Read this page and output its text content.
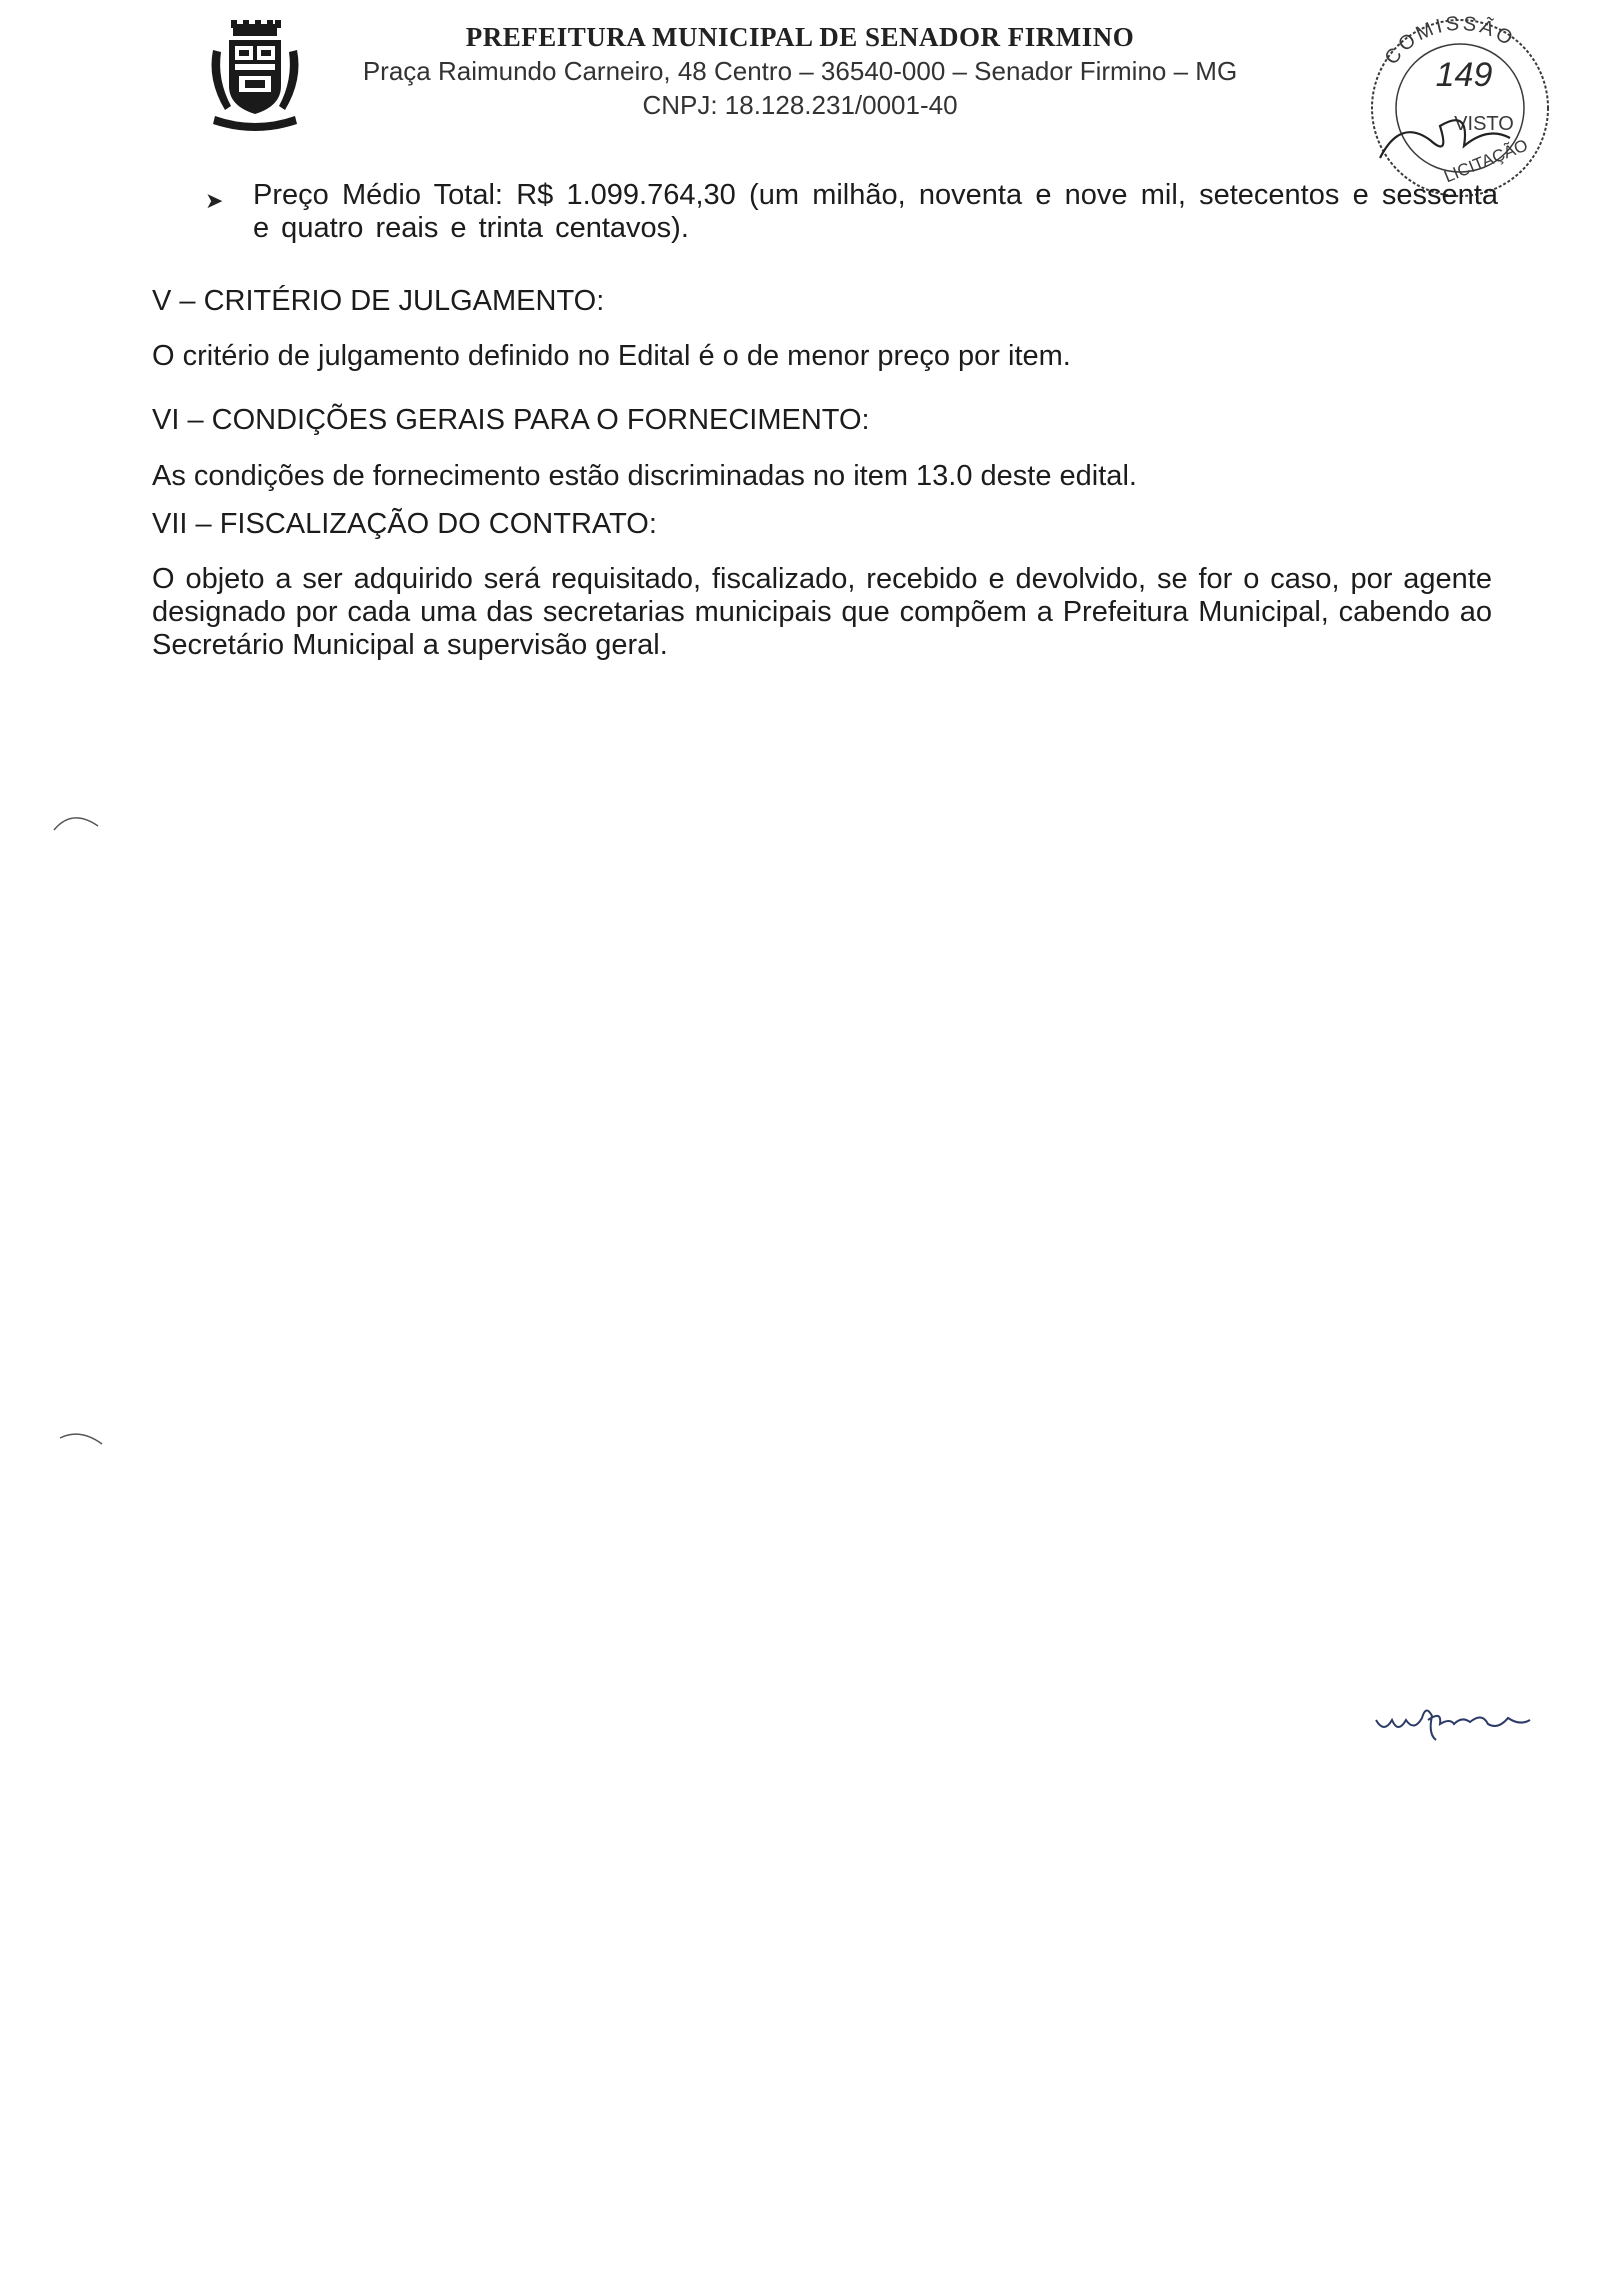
PREFEITURA MUNICIPAL DE SENADOR FIRMINO
Praça Raimundo Carneiro, 48 Centro – 36540-000 – Senador Firmino – MG
CNPJ: 18.128.231/0001-40
COMISSÃO
149
VISTO
LICITAÇÃO
➤ Preço Médio Total: R$ 1.099.764,30 (um milhão, noventa e nove mil, setecentos e sessenta e quatro reais e trinta centavos).
V – CRITÉRIO DE JULGAMENTO:
O critério de julgamento definido no Edital é o de menor preço por item.
VI – CONDIÇÕES GERAIS PARA O FORNECIMENTO:
As condições de fornecimento estão discriminadas no item 13.0 deste edital.
VII – FISCALIZAÇÃO DO CONTRATO:
O objeto a ser adquirido será requisitado, fiscalizado, recebido e devolvido, se for o caso, por agente designado por cada uma das secretarias municipais que compõem a Prefeitura Municipal, cabendo ao Secretário Municipal a supervisão geral.
